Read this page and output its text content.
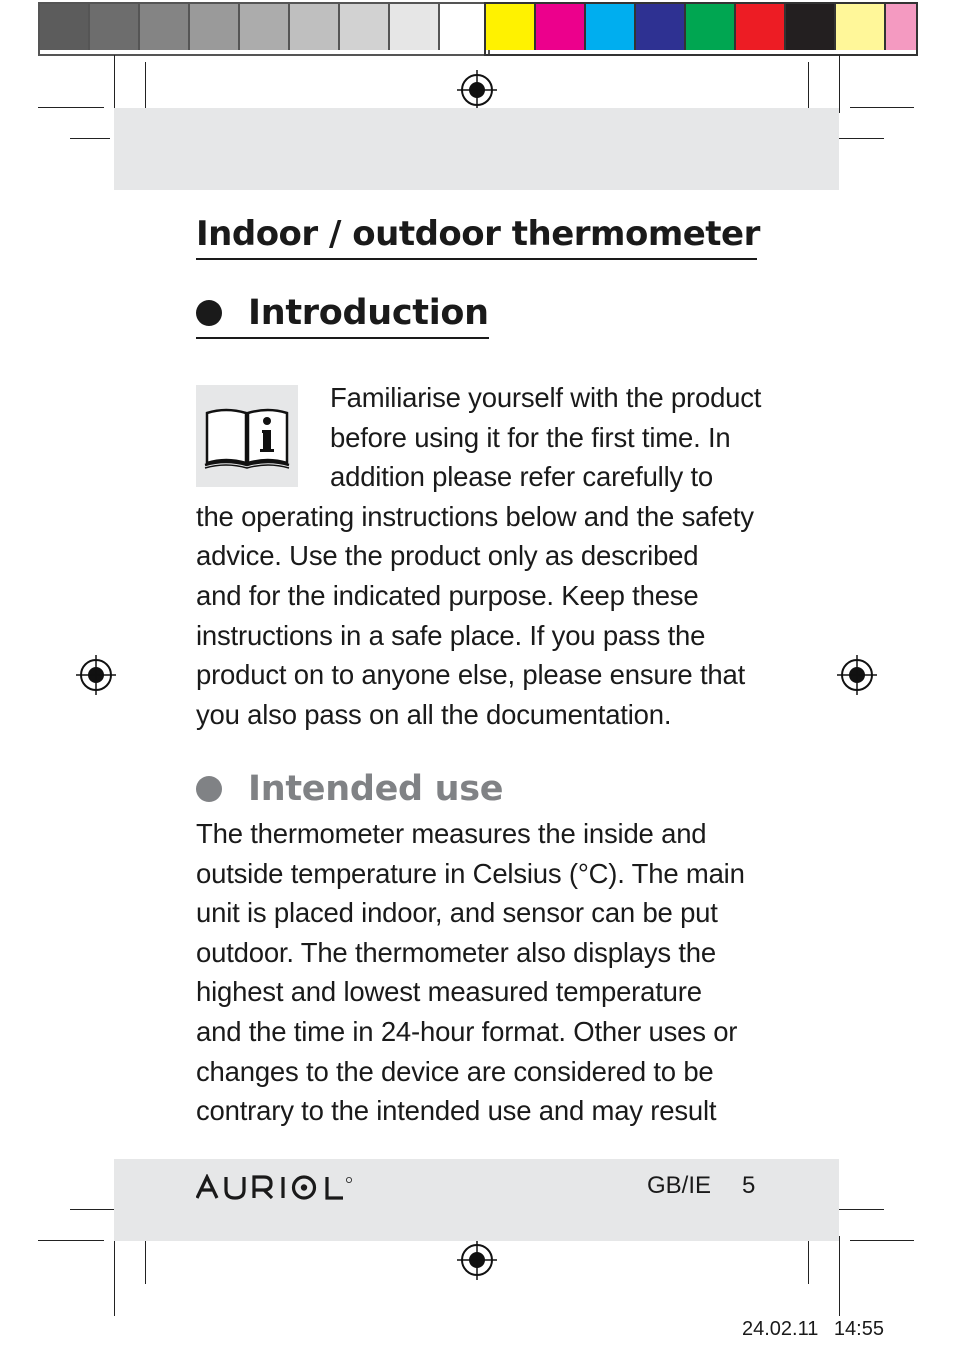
Indoor / outdoor thermometer
Introduction

Familiarise yourself with the product
before using it for the first time. In
addition please refer carefully to
the operating instructions below and the safety
advice. Use the product only as described
and for the indicated purpose. Keep these
instructions in a safe place. If you pass the
product on to anyone else, please ensure that
you also pass on all the documentation.

Intended use

The thermometer measures the inside and
outside temperature in Celsius (°C). The main
unit is placed indoor, and sensor can be put
outdoor. The thermometer also displays the
highest and lowest measured temperature
and the time in 24-hour format. Other uses or
changes to the device are considered to be
contrary to the intended use and may result

GB/IE 5
24.02.11 14:55
